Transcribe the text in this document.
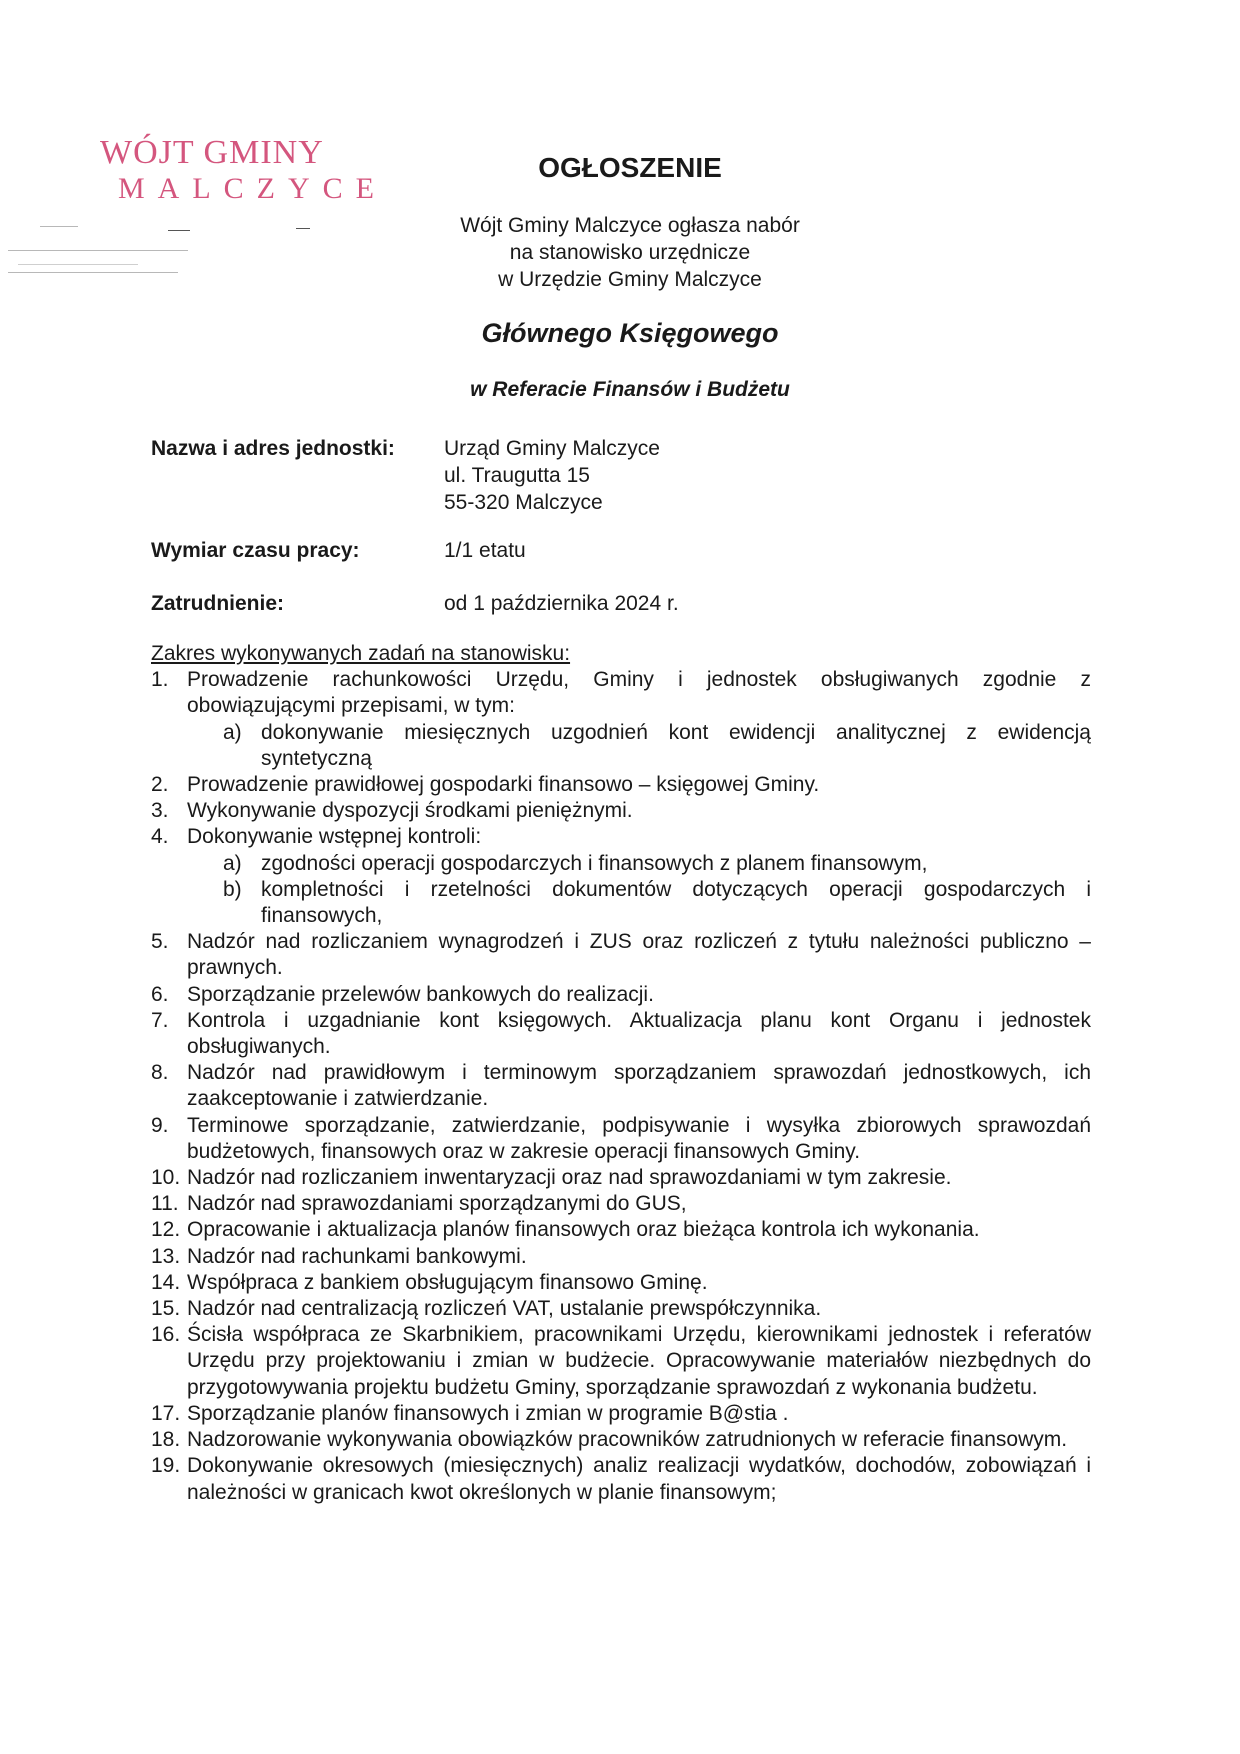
WÓJT GMINY
MALCZYCE
OGŁOSZENIE
Wójt Gminy Malczyce ogłasza nabór
na stanowisko urzędnicze
w Urzędzie Gminy Malczyce
Głównego Księgowego
w Referacie Finansów i Budżetu
Nazwa i adres jednostki: Urząd Gminy Malczyce
ul. Traugutta 15
55-320 Malczyce
Wymiar czasu pracy:	1/1 etatu
Zatrudnienie:	od 1 października 2024 r.
Zakres wykonywanych zadań na stanowisku:
1. Prowadzenie rachunkowości Urzędu, Gminy i jednostek obsługiwanych zgodnie z obowiązującymi przepisami, w tym:
a) dokonywanie miesięcznych uzgodnień kont ewidencji analitycznej z ewidencją syntetyczną
2. Prowadzenie prawidłowej gospodarki finansowo – księgowej Gminy.
3. Wykonywanie dyspozycji środkami pieniężnymi.
4. Dokonywanie wstępnej kontroli:
a) zgodności operacji gospodarczych i finansowych z planem finansowym,
b) kompletności i rzetelności dokumentów dotyczących operacji gospodarczych i finansowych,
5. Nadzór nad rozliczaniem wynagrodzeń i ZUS oraz rozliczeń z tytułu należności publiczno – prawnych.
6. Sporządzanie przelewów bankowych do realizacji.
7. Kontrola i uzgadnianie kont księgowych. Aktualizacja planu kont Organu i jednostek obsługiwanych.
8. Nadzór nad prawidłowym i terminowym sporządzaniem sprawozdań jednostkowych, ich zaakceptowanie i zatwierdzanie.
9. Terminowe sporządzanie, zatwierdzanie, podpisywanie i wysyłka zbiorowych sprawozdań budżetowych, finansowych oraz w zakresie operacji finansowych Gminy.
10. Nadzór nad rozliczaniem inwentaryzacji oraz nad sprawozdaniami w tym zakresie.
11. Nadzór nad sprawozdaniami sporządzanymi do GUS,
12. Opracowanie i aktualizacja planów finansowych oraz bieżąca kontrola ich wykonania.
13. Nadzór nad rachunkami bankowymi.
14. Współpraca z bankiem obsługującym finansowo Gminę.
15. Nadzór nad centralizacją rozliczeń VAT, ustalanie prewspółczynnika.
16. Ścisła współpraca ze Skarbnikiem, pracownikami Urzędu, kierownikami jednostek i referatów Urzędu przy projektowaniu i zmian w budżecie. Opracowywanie materiałów niezbędnych do przygotowywania projektu budżetu Gminy, sporządzanie sprawozdań z wykonania budżetu.
17. Sporządzanie planów finansowych i zmian w programie B@stia .
18. Nadzorowanie wykonywania obowiązków pracowników zatrudnionych w referacie finansowym.
19. Dokonywanie okresowych (miesięcznych) analiz realizacji wydatków, dochodów, zobowiązań i należności w granicach kwot określonych w planie finansowym;
